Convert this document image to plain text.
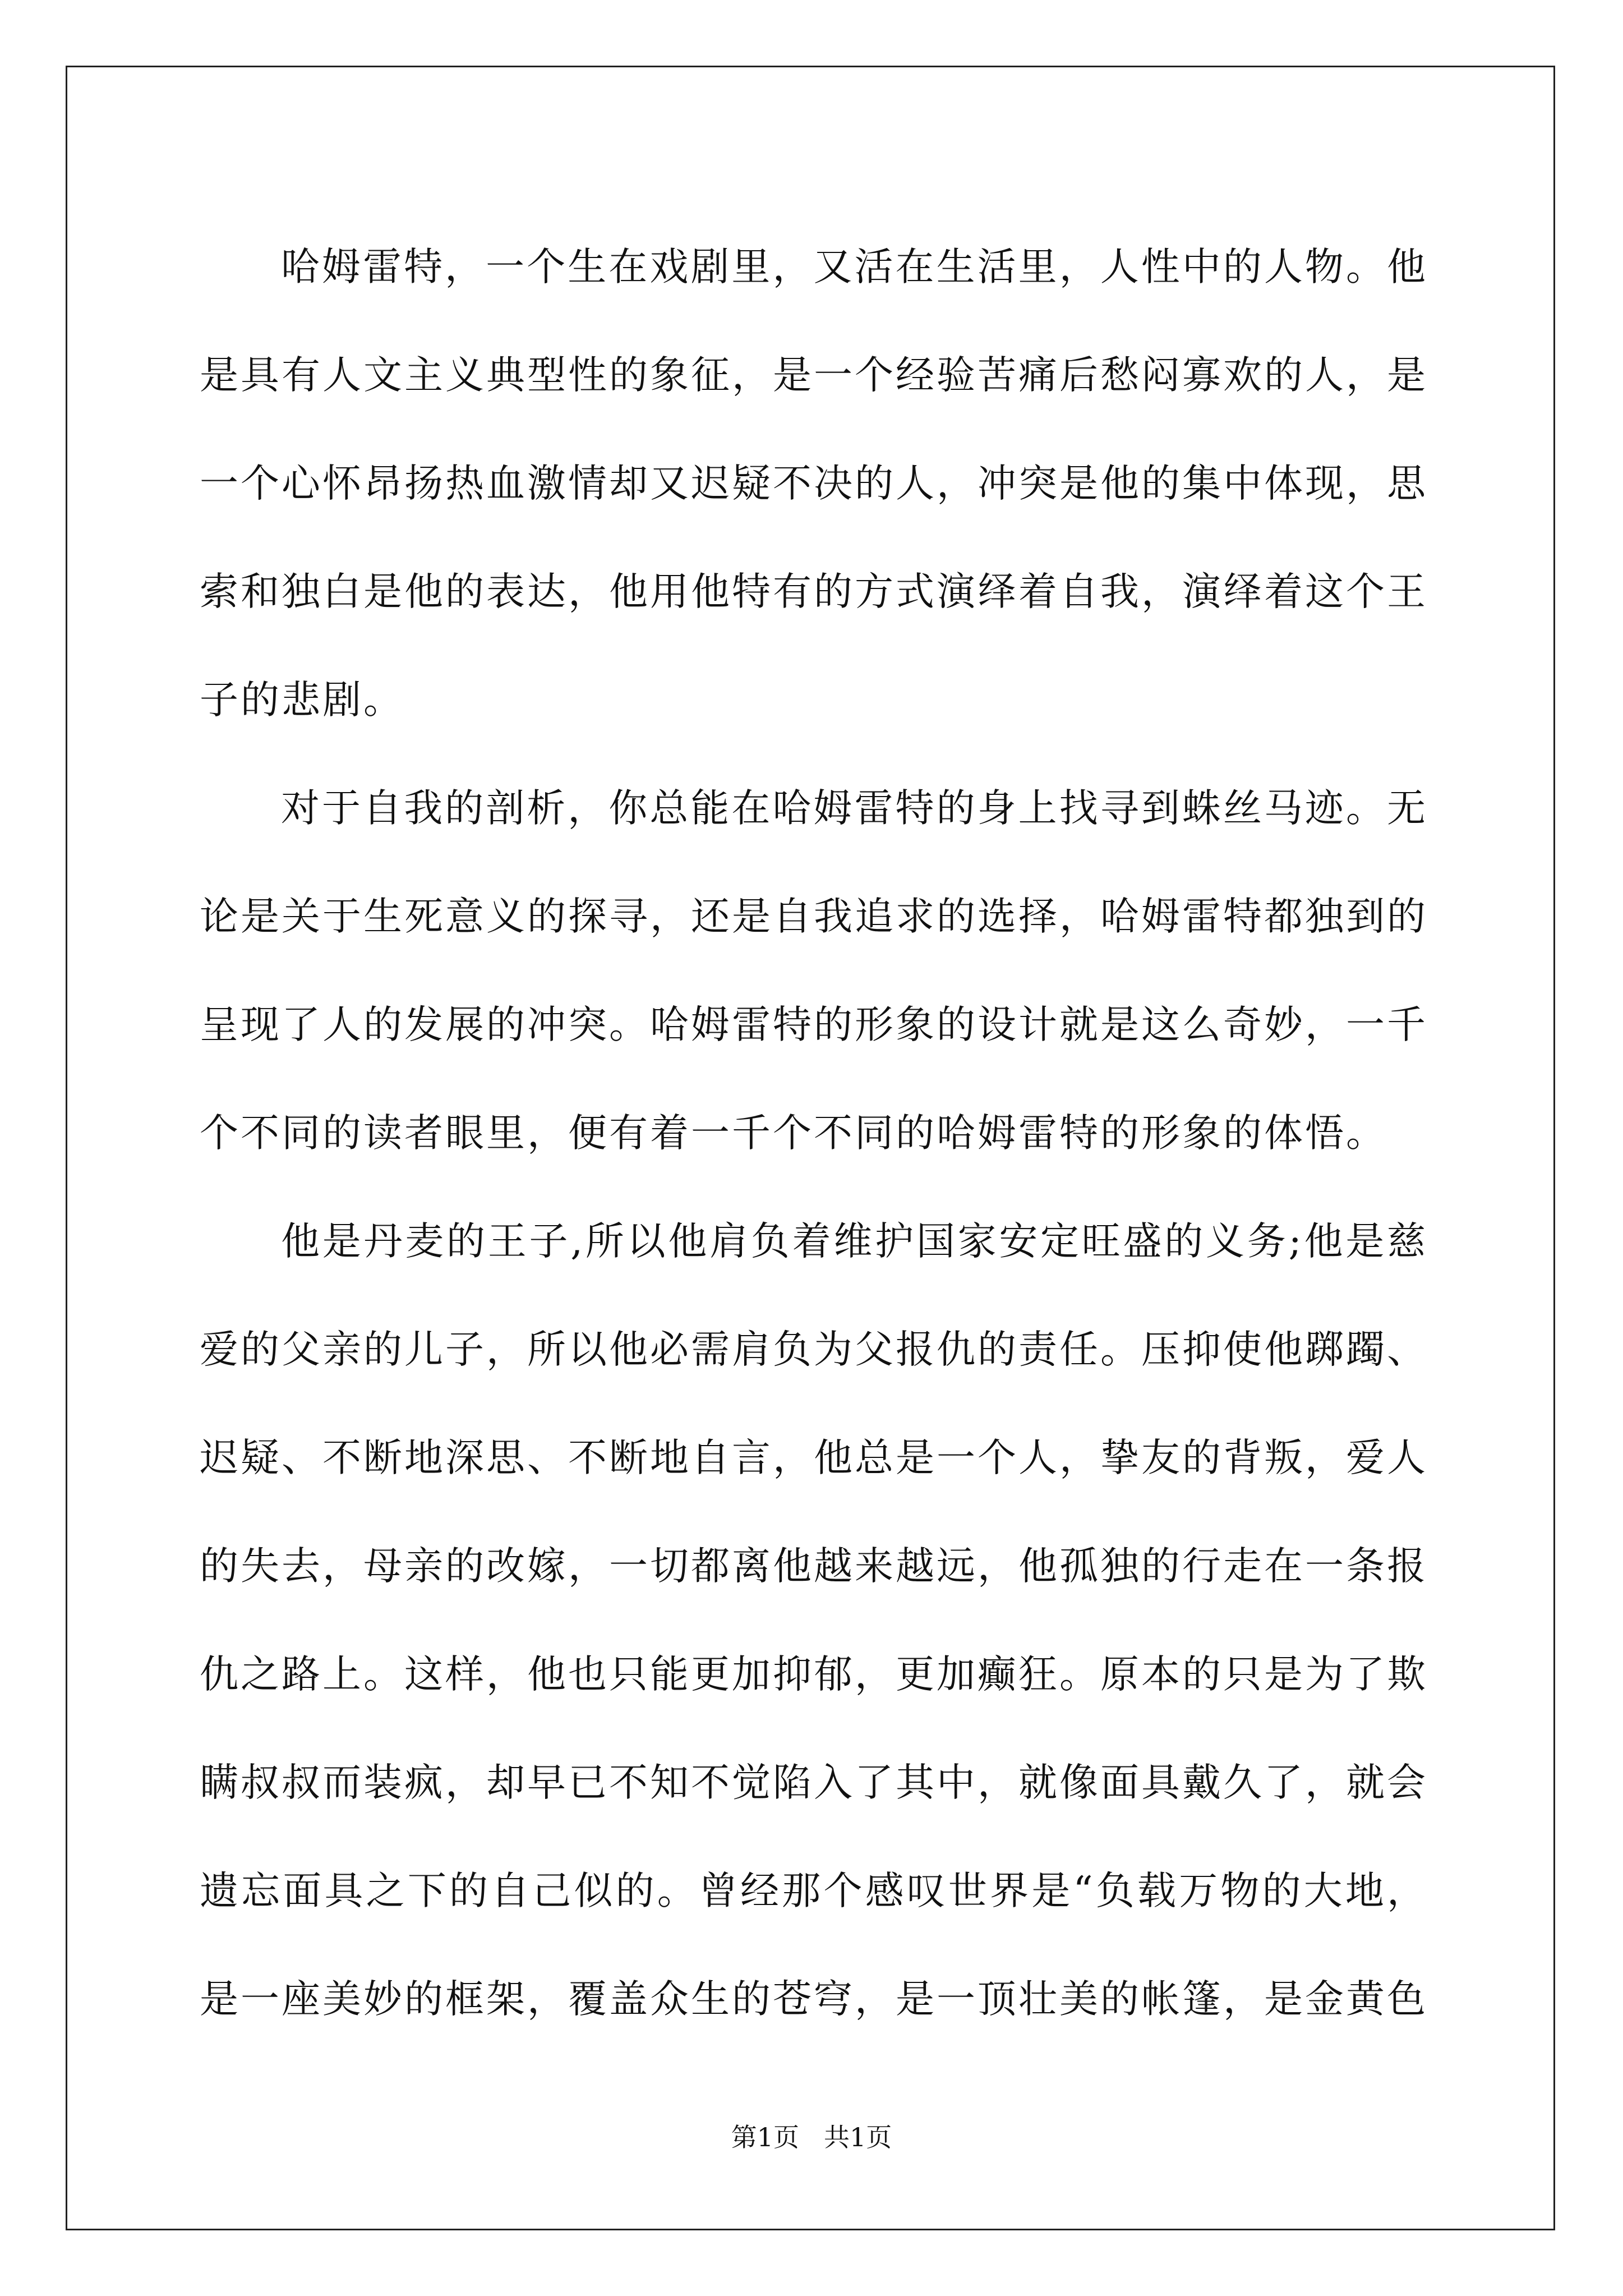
哈姆雷特，一个生在戏剧里，又活在生活里，人性中的人物。他是具有人文主义典型性的象征，是一个经验苦痛后愁闷寡欢的人，是一个心怀昂扬热血激情却又迟疑不决的人，冲突是他的集中体现，思索和独白是他的表达，他用他特有的方式演绎着自我，演绎着这个王子的悲剧。

对于自我的剖析，你总能在哈姆雷特的身上找寻到蛛丝马迹。无论是关于生死意义的探寻，还是自我追求的选择，哈姆雷特都独到的呈现了人的发展的冲突。哈姆雷特的形象的设计就是这么奇妙，一千个不同的读者眼里，便有着一千个不同的哈姆雷特的形象的体悟。

他是丹麦的王子,所以他肩负着维护国家安定旺盛的义务;他是慈爱的父亲的儿子，所以他必需肩负为父报仇的责任。压抑使他踯躅、迟疑、不断地深思、不断地自言，他总是一个人，挚友的背叛，爱人的失去，母亲的改嫁，一切都离他越来越远，他孤独的行走在一条报仇之路上。这样，他也只能更加抑郁，更加癫狂。原本的只是为了欺瞒叔叔而装疯，却早已不知不觉陷入了其中，就像面具戴久了，就会遗忘面具之下的自己似的。曾经那个感叹世界是“负载万物的大地，是一座美妙的框架，覆盖众生的苍穹，是一顶壮美的帐篷，是金黄色

第1页 共1页
